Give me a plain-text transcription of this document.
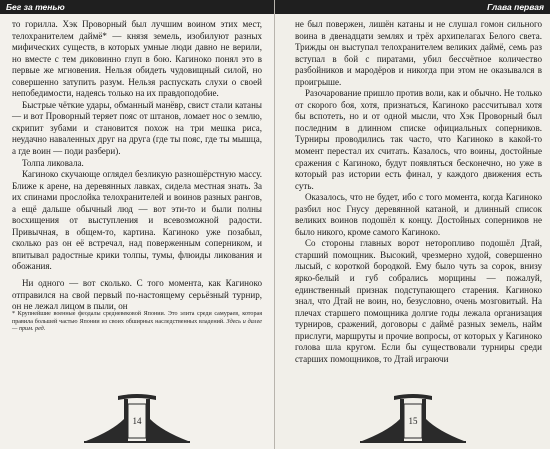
Бег за тенью

то горилла. Хэк Проворный был лучшим воином этих мест, телохранителем даймё* — князя земель, изобилуют разных мифических существ, в которых умные люди давно не верили, но вместе с тем диковинно глуп в бою. Кагиноко понял это в первые же мгновения. Нельзя обидеть чудовищный силой, но совершенно затупить разум. Нельзя распускать слухи о своей непобедимости, надеясь только на их правдоподобие.

Быстрые чёткие удары, обманный манёвр, свист стали катаны — и вот Проворный теряет пояс от штанов, ломает нос о землю, скрипит зубами и становится похож на три мешка риса, неудачно наваленных друг на друга (где ты пояс, где ты мышца, а где воин — поди разбери).

Толпа ликовала.

Кагиноко скучающе оглядел безликую разношёрстную массу. Ближе к арене, на деревянных лавках, сидела местная знать. За их спинами прослойка телохранителей и воинов разных рангов, а ещё дальше обычный люд — вот эти-то и были полны восхищения от выступления и всевозможной радости. Привычная, в общем-то, картина. Кагиноко уже позабыл, сколько раз он её встречал, над поверженным соперником, и впитывал радостные крики толпы, тумы, флюиды ликования и обожания.

Ни одного — вот сколько. С того момента, как Кагиноко отправился на свой первый по-настоящему серьёзный турнир, он не лежал лицом в пыли, он

* Крупнейшие военные феодалы средневековой Японии. Это элита среди самураев, которая правила большей частью Японии из своих обширных наследственных владений. Здесь и далее — прим. ред.
14
Глава первая

не был повержен, лишён катаны и не слушал гомон сильного воина в двенадцати землях и трёх архипелагах Белого света. Трижды он выступал телохранителем великих даймё, семь раз вступал в бой с пиратами, убил бессчётное количество разбойников и мародёров и никогда при этом не оказывался в проигрыше.

Разочарование пришло против воли, как и обычно. Не только от скорого боя, хотя, признаться, Кагиноко рассчитывал хотя бы вспотеть, но и от одной мысли, что Хэк Проворный был последним в длинном списке официальных соперников. Турниры проводились так часто, что Кагиноко в какой-то момент перестал их считать. Казалось, что воины, достойные сражения с Кагиноко, будут появляться бесконечно, но уже в который раз истории есть финал, у каждого движения есть суть.

Оказалось, что не будет, ибо с того момента, когда Кагиноко разбил нос Гнусу деревянной катаной, и длинный список великих воинов подошёл к концу. Достойных соперников не было никого, кроме самого Кагиноко.

Со стороны главных ворот неторопливо подошёл Дтай, старший помощник. Высокий, чрезмерно худой, совершенно лысый, с короткой бородкой. Ему было чуть за сорок, внизу ярко-белый и губ собрались морщины — пожалуй, единственный признак подступающего старения. Кагиноко знал, что Дтай не воин, но, безусловно, очень мозговитый. На плечах старшего помощника долгие годы лежала организация турниров, сражений, договоры с даймё разных земель, найм прислуги, маршруты и прочие вопросы, от которых у Кагиноко голова шла кругом. Если бы существовали турниры среди старших помощников, то Дтай играючи

15
